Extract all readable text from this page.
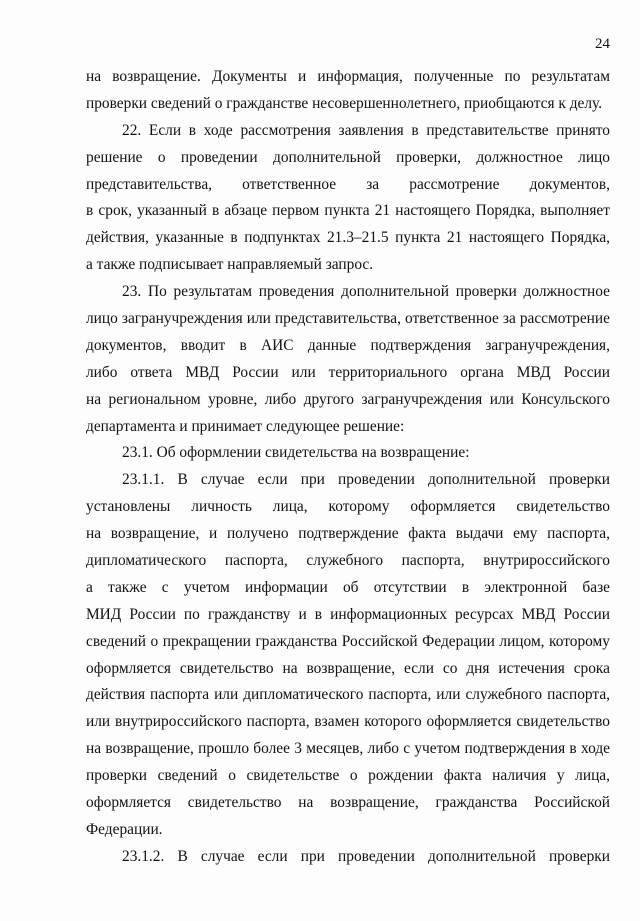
24
на возвращение. Документы и информация, полученные по результатам
проверки сведений о гражданстве несовершеннолетнего, приобщаются к делу.
22. Если в ходе рассмотрения заявления в представительстве принято
решение о проведении дополнительной проверки, должностное лицо
представительства, ответственное за рассмотрение документов,
в срок, указанный в абзаце первом пункта 21 настоящего Порядка, выполняет
действия, указанные в подпунктах 21.3–21.5 пункта 21 настоящего Порядка,
а также подписывает направляемый запрос.
23. По результатам проведения дополнительной проверки должностное
лицо загранучреждения или представительства, ответственное за рассмотрение
документов, вводит в АИС данные подтверждения загранучреждения,
либо ответа МВД России или территориального органа МВД России
на региональном уровне, либо другого загранучреждения или Консульского
департамента и принимает следующее решение:
23.1. Об оформлении свидетельства на возвращение:
23.1.1. В случае если при проведении дополнительной проверки
установлены личность лица, которому оформляется свидетельство
на возвращение, и получено подтверждение факта выдачи ему паспорта,
дипломатического паспорта, служебного паспорта, внутрироссийского
а также с учетом информации об отсутствии в электронной базе
МИД России по гражданству и в информационных ресурсах МВД России
сведений о прекращении гражданства Российской Федерации лицом, которому
оформляется свидетельство на возвращение, если со дня истечения срока
действия паспорта или дипломатического паспорта, или служебного паспорта,
или внутрироссийского паспорта, взамен которого оформляется свидетельство
на возвращение, прошло более 3 месяцев, либо с учетом подтверждения в ходе
проверки сведений о свидетельстве о рождении факта наличия у лица,
оформляется свидетельство на возвращение, гражданства Российской
Федерации.
23.1.2. В случае если при проведении дополнительной проверки
